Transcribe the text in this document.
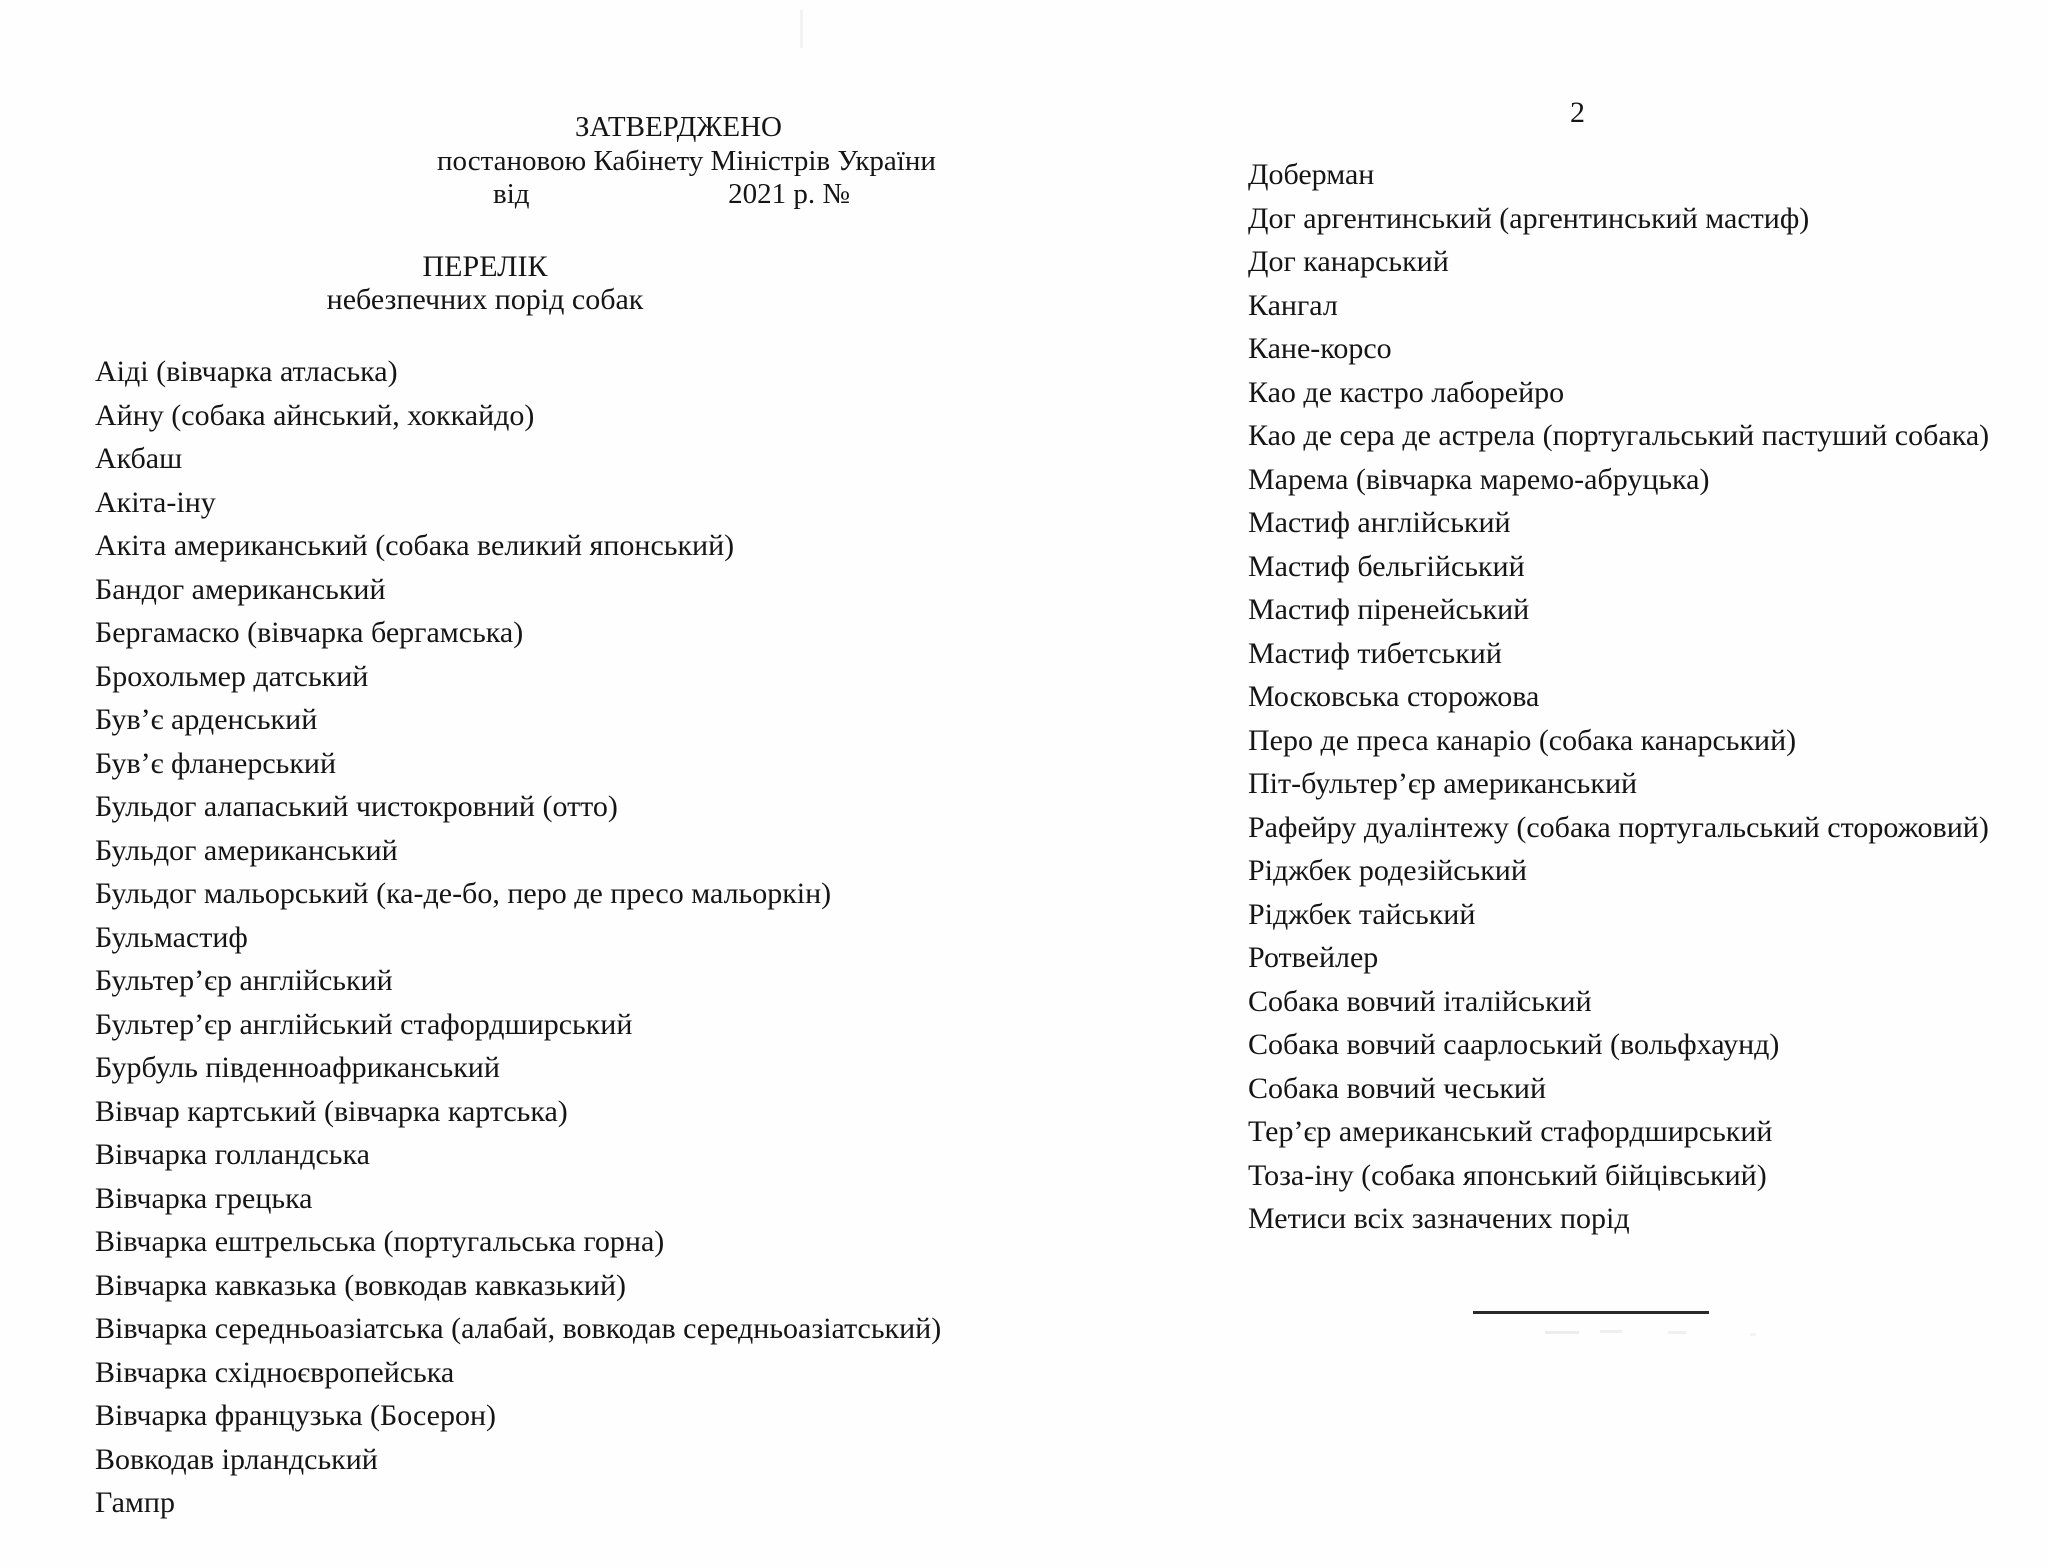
2
ЗАТВЕРДЖЕНО
постановою Кабінету Міністрів України
від	2021 р. №
ПЕРЕЛІК
небезпечних порід собак
Аіді (вівчарка атласька)
Айну (собака айнський, хоккайдо)
Акбаш
Акіта-іну
Акіта американський (собака великий японський)
Бандог американський
Бергамаско (вівчарка бергамська)
Брохольмер датський
Був’є арденський
Був’є фланерський
Бульдог алапаський чистокровний (отто)
Бульдог американський
Бульдог мальорський (ка-де-бо, перо де пресо мальоркін)
Бульмастиф
Бультер’єр англійський
Бультер’єр англійський стафордширський
Бурбуль південноафриканський
Вівчар картський (вівчарка картська)
Вівчарка голландська
Вівчарка грецька
Вівчарка ештрельська (португальська горна)
Вівчарка кавказька (вовкодав кавказький)
Вівчарка середньоазіатська (алабай, вовкодав середньоазіатський)
Вівчарка східноєвропейська
Вівчарка французька (Босерон)
Вовкодав ірландський
Гампр
Доберман
Дог аргентинський (аргентинський мастиф)
Дог канарський
Кангал
Кане-корсо
Као де кастро лаборейро
Као де сера де астрела (португальський пастуший собака)
Марема (вівчарка маремо-абруцька)
Мастиф англійський
Мастиф бельгійський
Мастиф піренейський
Мастиф тибетський
Московська сторожова
Перо де преса канаріо (собака канарський)
Піт-бультер’єр американський
Рафейру дуалінтежу (собака португальський сторожовий)
Ріджбек родезійський
Ріджбек тайський
Ротвейлер
Собака вовчий італійський
Собака вовчий саарлоський (вольфхаунд)
Собака вовчий чеський
Тер’єр американський стафордширський
Тоза-іну (собака японський бійцівський)
Метиси всіх зазначених порід
